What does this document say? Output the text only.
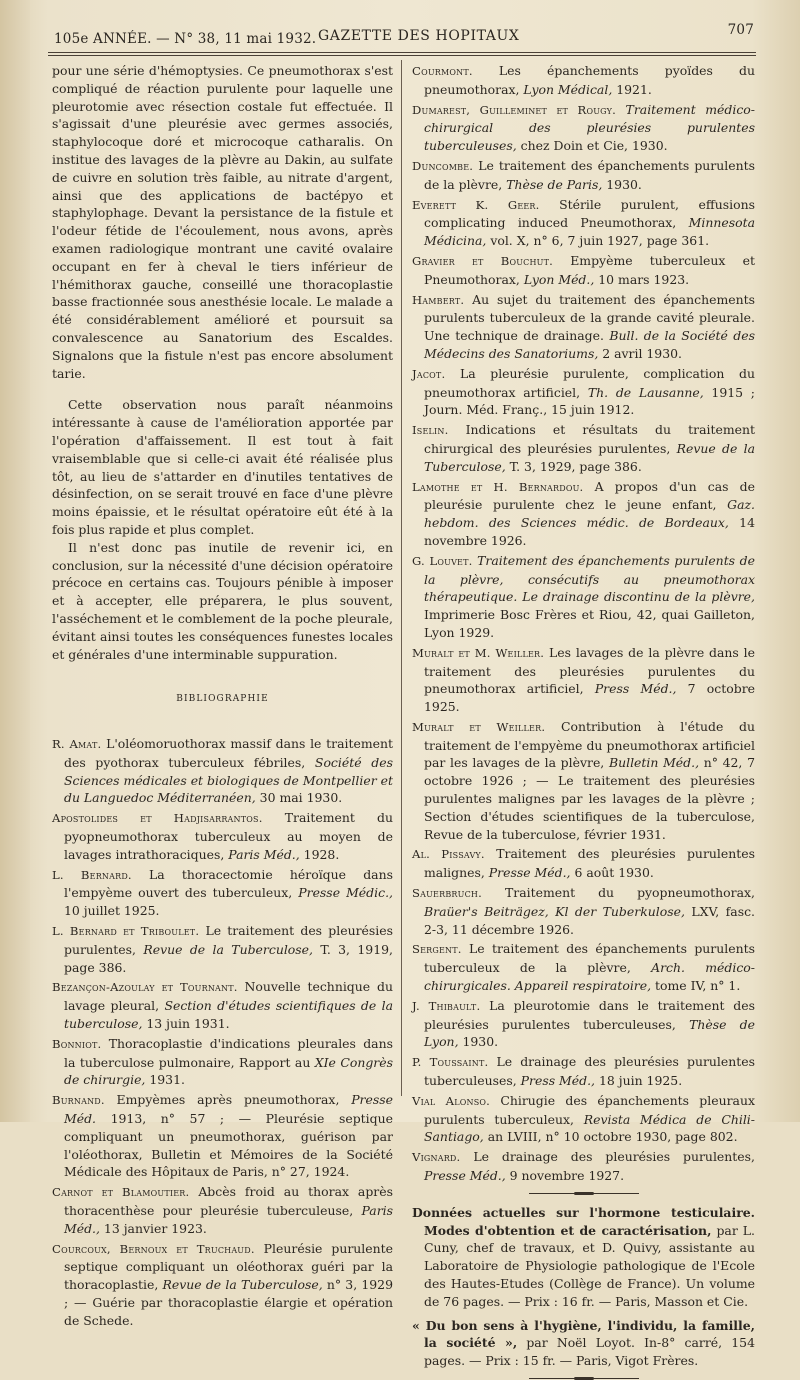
105e ANNÉE. — N° 38, 11 mai 1932. GAZETTE DES HOPITAUX	707

pour une série d'hémoptysies. Ce pneumothorax s'est compliqué de réaction purulente pour laquelle une pleurotomie avec résection costale fut effectuée. Il s'agissait d'une pleurésie avec germes associés, staphylocoque doré et microcoque catharalis. On institue des lavages de la plèvre au Dakin, au sulfate de cuivre en solution très faible, au nitrate d'argent, ainsi que des applications de bactépyo et staphylophage. Devant la persistance de la fistule et l'odeur fétide de l'écoulement, nous avons, après examen radiologique montrant une cavité ovalaire occupant en fer à cheval le tiers inférieur de l'hémithorax gauche, conseillé une thoracoplastie basse fractionnée sous anesthésie locale. Le malade a été considérablement amélioré et poursuit sa convalescence au Sanatorium des Escaldes. Signalons que la fistule n'est pas encore absolument tarie.

Cette observation nous paraît néanmoins intéressante à cause de l'amélioration apportée par l'opération d'affaissement. Il est tout à fait vraisemblable que si celle-ci avait été réalisée plus tôt, au lieu de s'attarder en d'inutiles tentatives de désinfection, on se serait trouvé en face d'une plèvre moins épaissie, et le résultat opératoire eût été à la fois plus rapide et plus complet.

Il n'est donc pas inutile de revenir ici, en conclusion, sur la nécessité d'une décision opératoire précoce en certains cas. Toujours pénible à imposer et à accepter, elle préparera, le plus souvent, l'asséchement et le comblement de la poche pleurale, évitant ainsi toutes les conséquences funestes locales et générales d'une interminable suppuration.

BIBLIOGRAPHIE

R. Amat. L'oléomoruothorax massif dans le traitement des pyothorax tuberculeux fébriles, Société des Sciences médicales et biologiques de Montpellier et du Languedoc Méditerranéen, 30 mai 1930.

Apostolides et Hadjisarrantos. Traitement du pyopneumothorax tuberculeux au moyen de lavages intrathoraciques, Paris Méd., 1928.

L. Bernard. La thoracectomie héroïque dans l'empyème ouvert des tuberculeux, Presse Médic., 10 juillet 1925.

L. Bernard et Triboulet. Le traitement des pleurésies purulentes, Revue de la Tuberculose, T. 3, 1919, page 386.

Bezançon-Azoulay et Tournant. Nouvelle technique du lavage pleural, Section d'études scientifiques de la tuberculose, 13 juin 1931.

Bonniot. Thoracoplastie d'indications pleurales dans la tuberculose pulmonaire, Rapport au XIe Congrès de chirurgie, 1931.

Burnand. Empyèmes après pneumothorax, Presse Méd. 1913, n° 57 ; — Pleurésie septique compliquant un pneumothorax, guérison par l'oléothorax, Bulletin et Mémoires de la Société Médicale des Hôpitaux de Paris, n° 27, 1924.

Carnot et Blamoutier. Abcès froid au thorax après thoracenthèse pour pleurésie tuberculeuse, Paris Méd., 13 janvier 1923.

Courcoux, Bernoux et Truchaud. Pleurésie purulente septique compliquant un oléothorax guéri par la thoracoplastie, Revue de la Tuberculose, n° 3, 1929 ; — Guérie par thoracoplastie élargie et opération de Schede.

Courmont. Les épanchements pyoïdes du pneumothorax, Lyon Médical, 1921.

Dumarest, Guilleminet et Rougy. Traitement médico-chirurgical des pleurésies purulentes tuberculeuses, chez Doin et Cie, 1930.

Duncombe. Le traitement des épanchements purulents de la plèvre, Thèse de Paris, 1930.

Everett K. Geer. Stérile purulent, effusions complicating induced Pneumothorax, Minnesota Médicina, vol. X, n° 6, 7 juin 1927, page 361.

Gravier et Bouchut. Empyème tuberculeux et Pneumothorax, Lyon Méd., 10 mars 1923.

Hambert. Au sujet du traitement des épanchements purulents tuberculeux de la grande cavité pleurale. Une technique de drainage. Bull. de la Société des Médecins des Sanatoriums, 2 avril 1930.

Jacot. La pleurésie purulente, complication du pneumothorax artificiel, Th. de Lausanne, 1915 ; Journ. Méd. Franç., 15 juin 1912.

Iselin. Indications et résultats du traitement chirurgical des pleurésies purulentes, Revue de la Tuberculose, T. 3, 1929, page 386.

Lamothe et H. Bernardou. A propos d'un cas de pleurésie purulente chez le jeune enfant, Gaz. hebdom. des Sciences médic. de Bordeaux, 14 novembre 1926.

G. Louvet. Traitement des épanchements purulents de la plèvre, consécutifs au pneumothorax thérapeutique. Le drainage discontinu de la plèvre, Imprimerie Bosc Frères et Riou, 42, quai Gailleton, Lyon 1929.

Muralt et M. Weiller. Les lavages de la plèvre dans le traitement des pleurésies purulentes du pneumothorax artificiel, Press Méd., 7 octobre 1925.

Muralt et Weiller. Contribution à l'étude du traitement de l'empyème du pneumothorax artificiel par les lavages de la plèvre, Bulletin Méd., n° 42, 7 octobre 1926 ; — Le traitement des pleurésies purulentes malignes par les lavages de la plèvre ; Section d'études scientifiques de la tuberculose, Revue de la tuberculose, février 1931.

Al. Pissavy. Traitement des pleurésies purulentes malignes, Presse Méd., 6 août 1930.

Sauerbruch. Traitement du pyopneumothorax, Braüer's Beiträgez, Kl der Tuberkulose, LXV, fasc. 2-3, 11 décembre 1926.

Sergent. Le traitement des épanchements purulents tuberculeux de la plèvre, Arch. médico-chirurgicales. Appareil respiratoire, tome IV, n° 1.

J. Thibault. La pleurotomie dans le traitement des pleurésies purulentes tuberculeuses, Thèse de Lyon, 1930.

P. Toussaint. Le drainage des pleurésies purulentes tuberculeuses, Press Méd., 18 juin 1925.

Vial Alonso. Chirugie des épanchements pleuraux purulents tuberculeux, Revista Médica de Chili-Santiago, an LVIII, n° 10 octobre 1930, page 802.

Vignard. Le drainage des pleurésies purulentes, Presse Méd., 9 novembre 1927.

Données actuelles sur l'hormone testiculaire. Modes d'obtention et de caractérisation, par L. Cuny, chef de travaux, et D. Quivy, assistante au Laboratoire de Physiologie pathologique de l'Ecole des Hautes-Etudes (Collège de France). Un volume de 76 pages. — Prix : 16 fr. — Paris, Masson et Cie.

« Du bon sens à l'hygiène, l'individu, la famille, la société », par Noël Loyot. In-8° carré, 154 pages. — Prix : 15 fr. — Paris, Vigot Frères.
